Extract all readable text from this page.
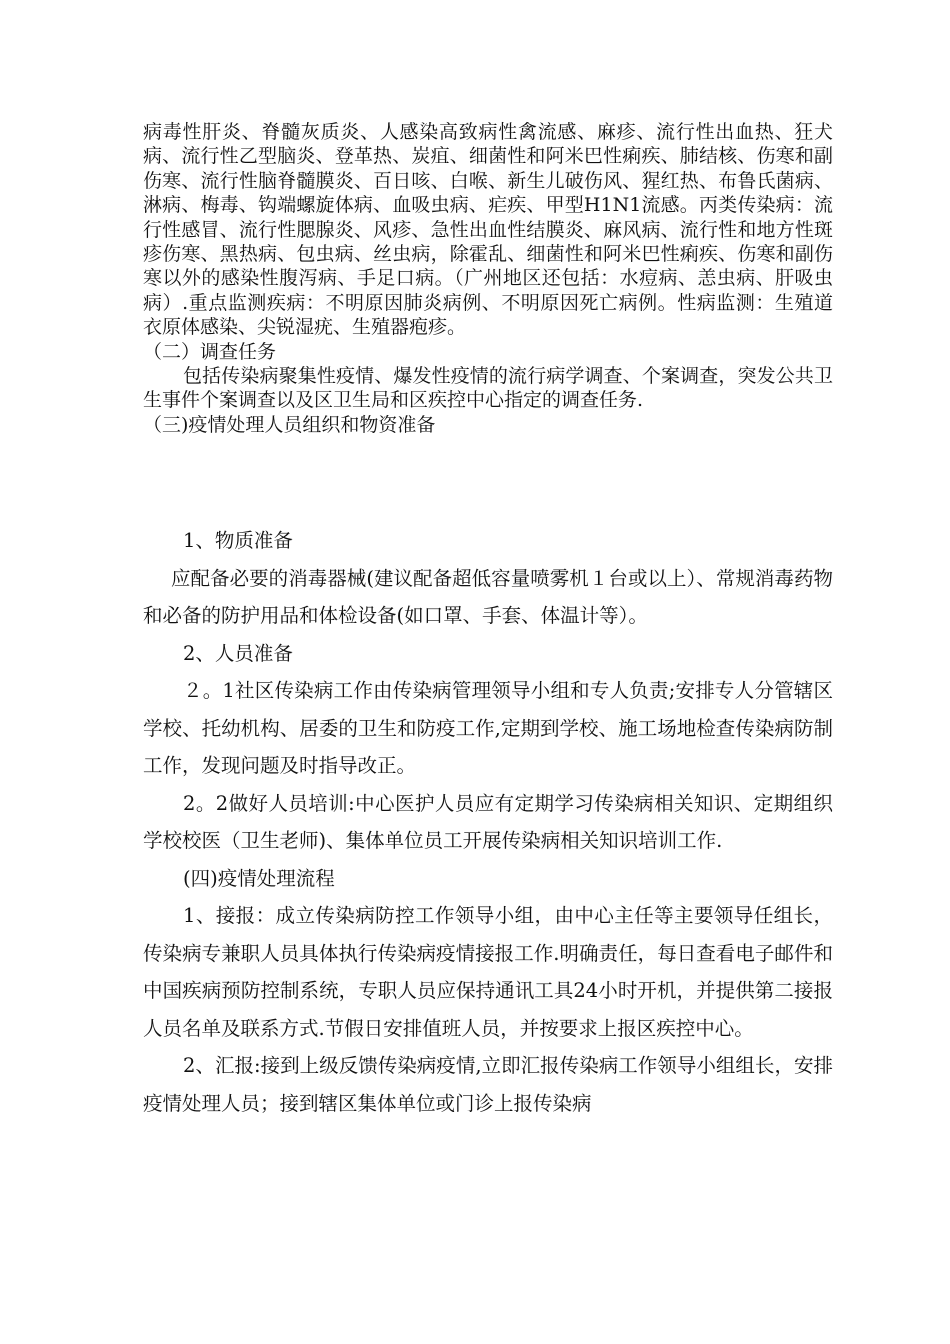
病毒性肝炎、脊髓灰质炎、人感染高致病性禽流感、麻疹、流行性出血热、狂犬病、流行性乙型脑炎、登革热、炭疽、细菌性和阿米巴性痢疾、肺结核、伤寒和副伤寒、流行性脑脊髓膜炎、百日咳、白喉、新生儿破伤风、猩红热、布鲁氏菌病、淋病、梅毒、钩端螺旋体病、血吸虫病、疟疾、甲型H1N1流感。丙类传染病：流行性感冒、流行性腮腺炎、风疹、急性出血性结膜炎、麻风病、流行性和地方性斑疹伤寒、黑热病、包虫病、丝虫病，除霍乱、细菌性和阿米巴性痢疾、伤寒和副伤寒以外的感染性腹泻病、手足口病。（广州地区还包括：水痘病、恙虫病、肝吸虫病）.重点监测疾病：不明原因肺炎病例、不明原因死亡病例。性病监测：生殖道衣原体感染、尖锐湿疣、生殖器疱疹。

（二）调查任务

包括传染病聚集性疫情、爆发性疫情的流行病学调查、个案调查，突发公共卫生事件个案调查以及区卫生局和区疾控中心指定的调查任务.

（三)疫情处理人员组织和物资准备

1、物质准备

应配备必要的消毒器械(建议配备超低容量喷雾机１台或以上）、常规消毒药物和必备的防护用品和体检设备(如口罩、手套、体温计等）。

2、人员准备

２。1社区传染病工作由传染病管理领导小组和专人负责;安排专人分管辖区学校、托幼机构、居委的卫生和防疫工作,定期到学校、施工场地检查传染病防制工作，发现问题及时指导改正。

2。2做好人员培训:中心医护人员应有定期学习传染病相关知识、定期组织学校校医（卫生老师)、集体单位员工开展传染病相关知识培训工作.

(四)疫情处理流程

1、接报：成立传染病防控工作领导小组，由中心主任等主要领导任组长，传染病专兼职人员具体执行传染病疫情接报工作.明确责任，每日查看电子邮件和中国疾病预防控制系统，专职人员应保持通讯工具24小时开机，并提供第二接报人员名单及联系方式.节假日安排值班人员，并按要求上报区疾控中心。

2、汇报:接到上级反馈传染病疫情,立即汇报传染病工作领导小组组长，安排疫情处理人员；接到辖区集体单位或门诊上报传染病
